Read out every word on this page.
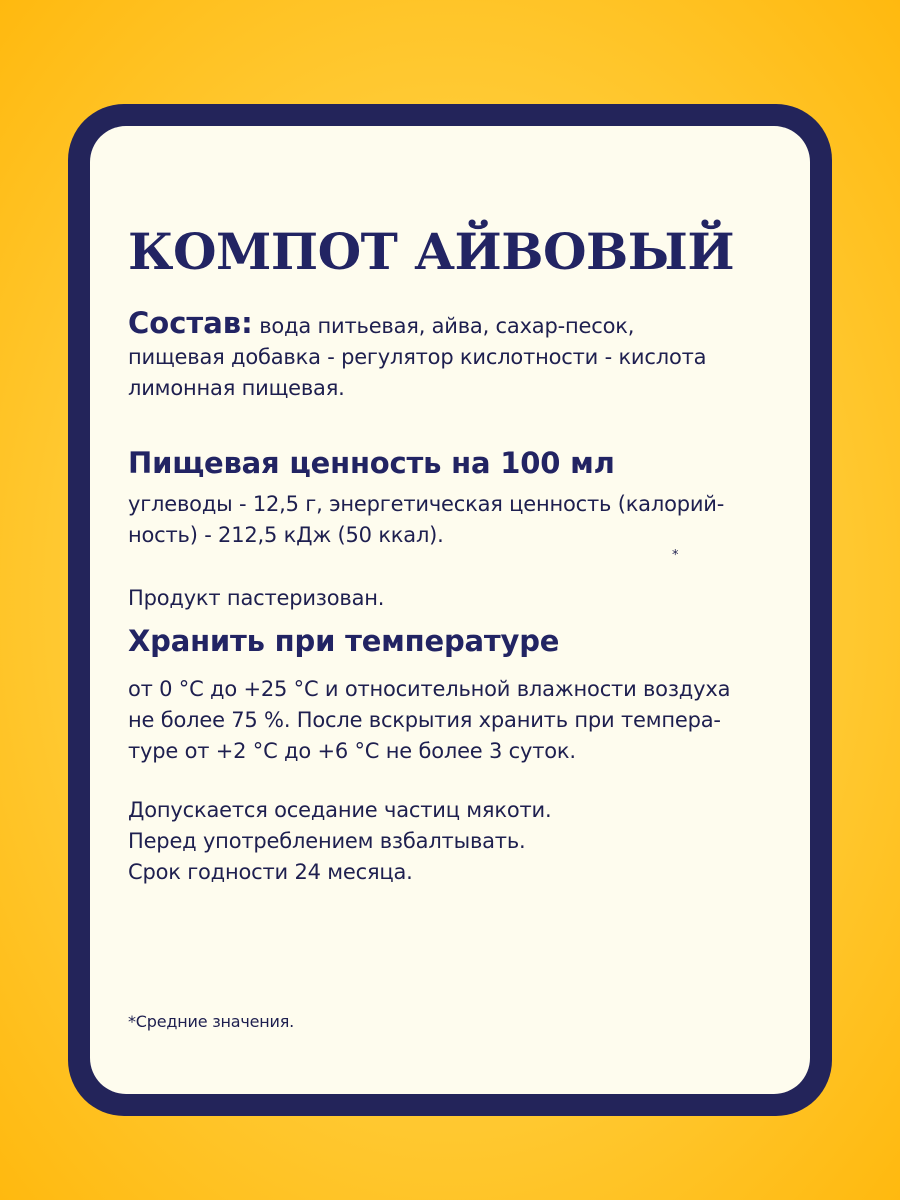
КОМПОТ АЙВОВЫЙ
Состав: вода питьевая, айва, сахар-песок,

пищевая добавка - регулятор кислотности - кислота
лимонная пищевая.
Пищевая ценность на 100 мл
углеводы - 12,5 г, энергетическая ценность (калорий-
ность) - 212,5 кДж (50 ккал).
*
Продукт пастеризован.
Хранить при температуре
от 0 °С до +25 °С и относительной влажности воздуха
не более 75 %. После вскрытия хранить при темпера-
туре от +2 °С до +6 °С не более 3 суток.
Допускается оседание частиц мякоти.
Перед употреблением взбалтывать.
Срок годности 24 месяца.
*Средние значения.
